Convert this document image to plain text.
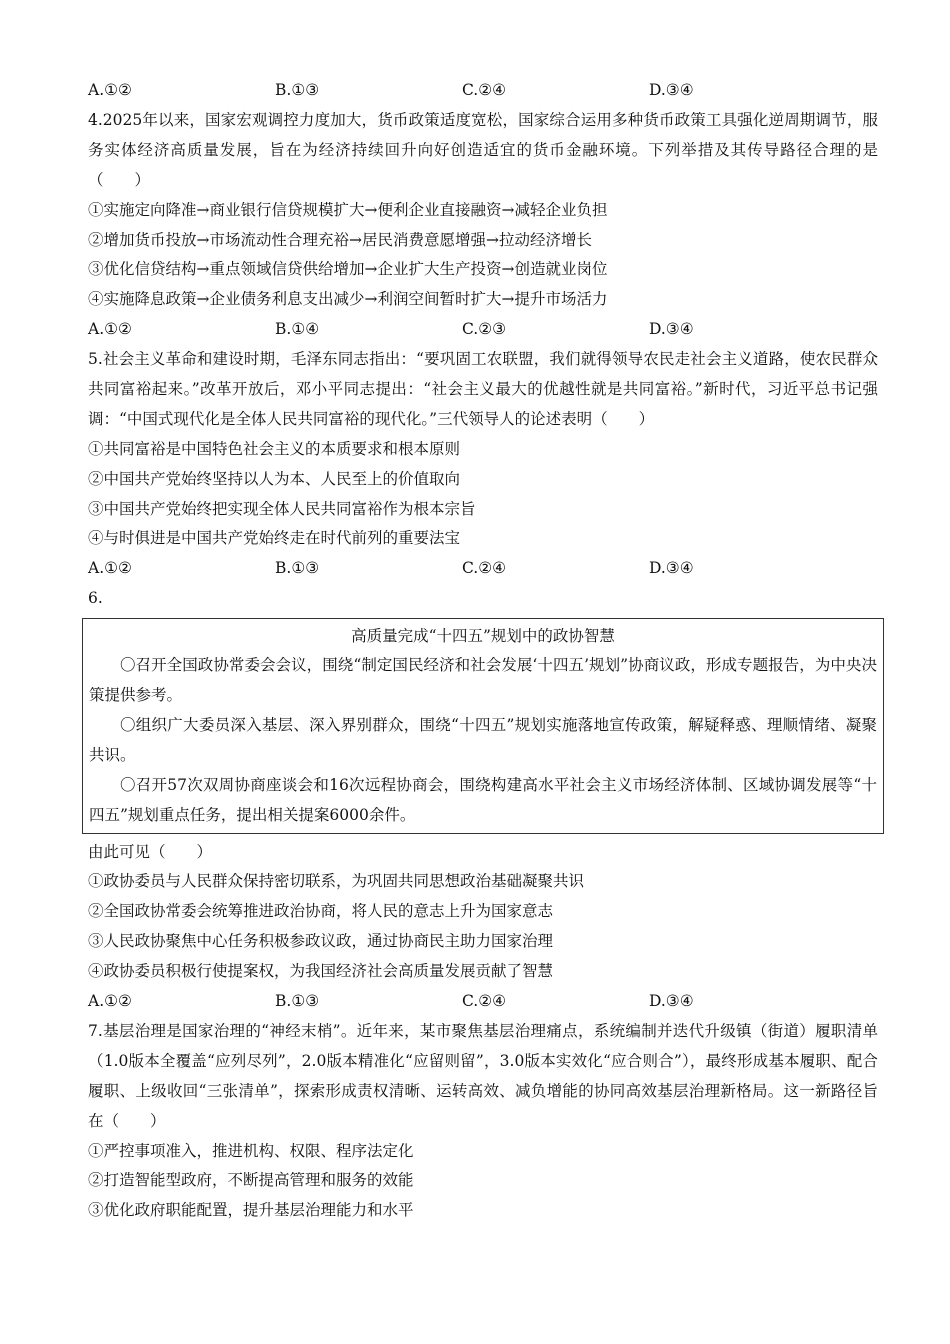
A.①②	B.①③	C.②④	D.③④
4.2025年以来，国家宏观调控力度加大，货币政策适度宽松，国家综合运用多种货币政策工具强化逆周期调节，服务实体经济高质量发展，旨在为经济持续回升向好创造适宜的货币金融环境。下列举措及其传导路径合理的是（　　）
①实施定向降准→商业银行信贷规模扩大→便利企业直接融资→减轻企业负担
②增加货币投放→市场流动性合理充裕→居民消费意愿增强→拉动经济增长
③优化信贷结构→重点领域信贷供给增加→企业扩大生产投资→创造就业岗位
④实施降息政策→企业债务利息支出减少→利润空间暂时扩大→提升市场活力
A.①②	B.①④	C.②③	D.③④
5.社会主义革命和建设时期，毛泽东同志指出：“要巩固工农联盟，我们就得领导农民走社会主义道路，使农民群众共同富裕起来。”改革开放后，邓小平同志提出：“社会主义最大的优越性就是共同富裕。”新时代，习近平总书记强调：“中国式现代化是全体人民共同富裕的现代化。”三代领导人的论述表明（　　）
①共同富裕是中国特色社会主义的本质要求和根本原则
②中国共产党始终坚持以人为本、人民至上的价值取向
③中国共产党始终把实现全体人民共同富裕作为根本宗旨
④与时俱进是中国共产党始终走在时代前列的重要法宝
A.①②	B.①③	C.②④	D.③④
6.
高质量完成“十四五”规划中的政协智慧
〇召开全国政协常委会会议，围绕“制定国民经济和社会发展‘十四五’规划”协商议政，形成专题报告，为中央决策提供参考。
〇组织广大委员深入基层、深入界别群众，围绕“十四五”规划实施落地宣传政策，解疑释惑、理顺情绪、凝聚共识。
〇召开57次双周协商座谈会和16次远程协商会，围绕构建高水平社会主义市场经济体制、区域协调发展等“十四五”规划重点任务，提出相关提案6000余件。
由此可见（　　）
①政协委员与人民群众保持密切联系，为巩固共同思想政治基础凝聚共识
②全国政协常委会统筹推进政治协商，将人民的意志上升为国家意志
③人民政协聚焦中心任务积极参政议政，通过协商民主助力国家治理
④政协委员积极行使提案权，为我国经济社会高质量发展贡献了智慧
A.①②	B.①③	C.②④	D.③④
7.基层治理是国家治理的“神经末梢”。近年来，某市聚焦基层治理痛点，系统编制并迭代升级镇（街道）履职清单（1.0版本全覆盖“应列尽列”，2.0版本精准化“应留则留”，3.0版本实效化“应合则合”），最终形成基本履职、配合履职、上级收回“三张清单”，探索形成责权清晰、运转高效、减负增能的协同高效基层治理新格局。这一新路径旨在（　　）
①严控事项准入，推进机构、权限、程序法定化
②打造智能型政府，不断提高管理和服务的效能
③优化政府职能配置，提升基层治理能力和水平
